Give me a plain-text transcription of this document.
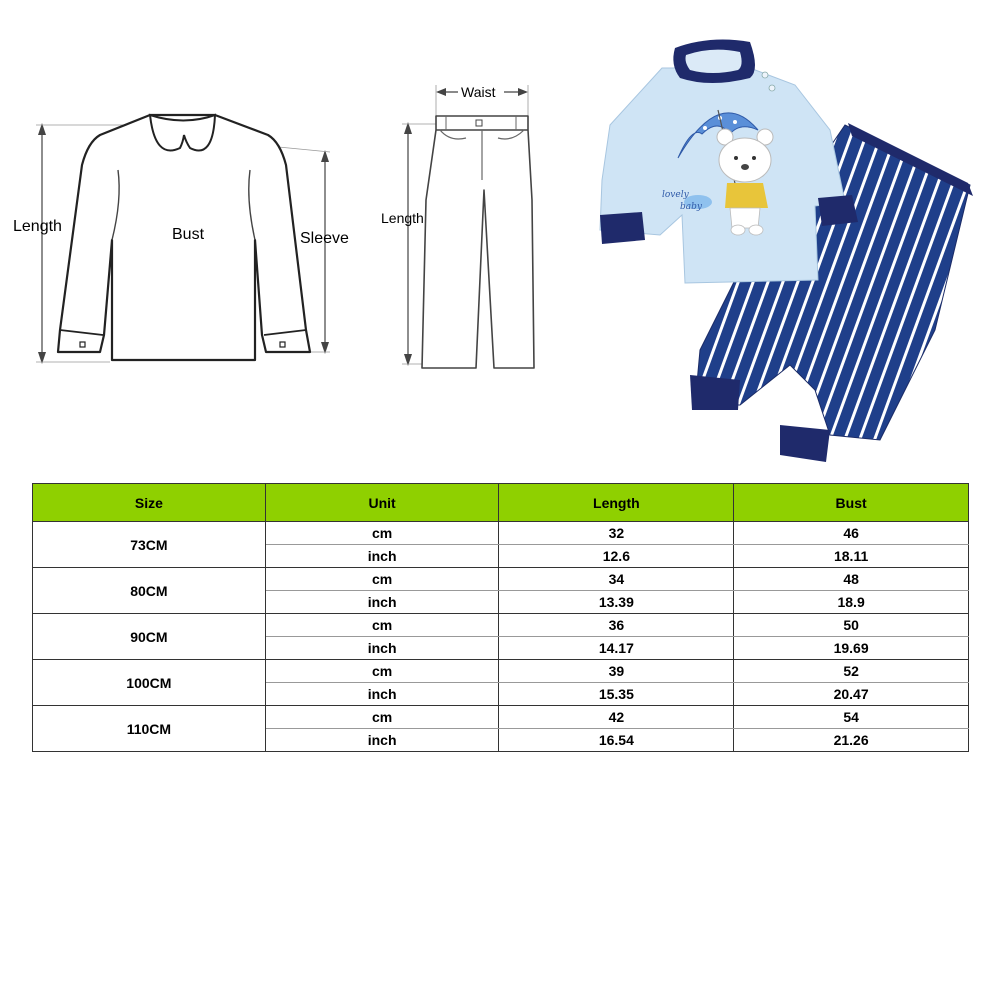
Length	Bust	Sleeve
Waist
Length
lovely
baby
Size	Unit	Length	Bust
73CM	cm	32	46
	inch	12.6	18.11
80CM	cm	34	48
	inch	13.39	18.9
90CM	cm	36	50
	inch	14.17	19.69
100CM	cm	39	52
	inch	15.35	20.47
110CM	cm	42	54
	inch	16.54	21.26
